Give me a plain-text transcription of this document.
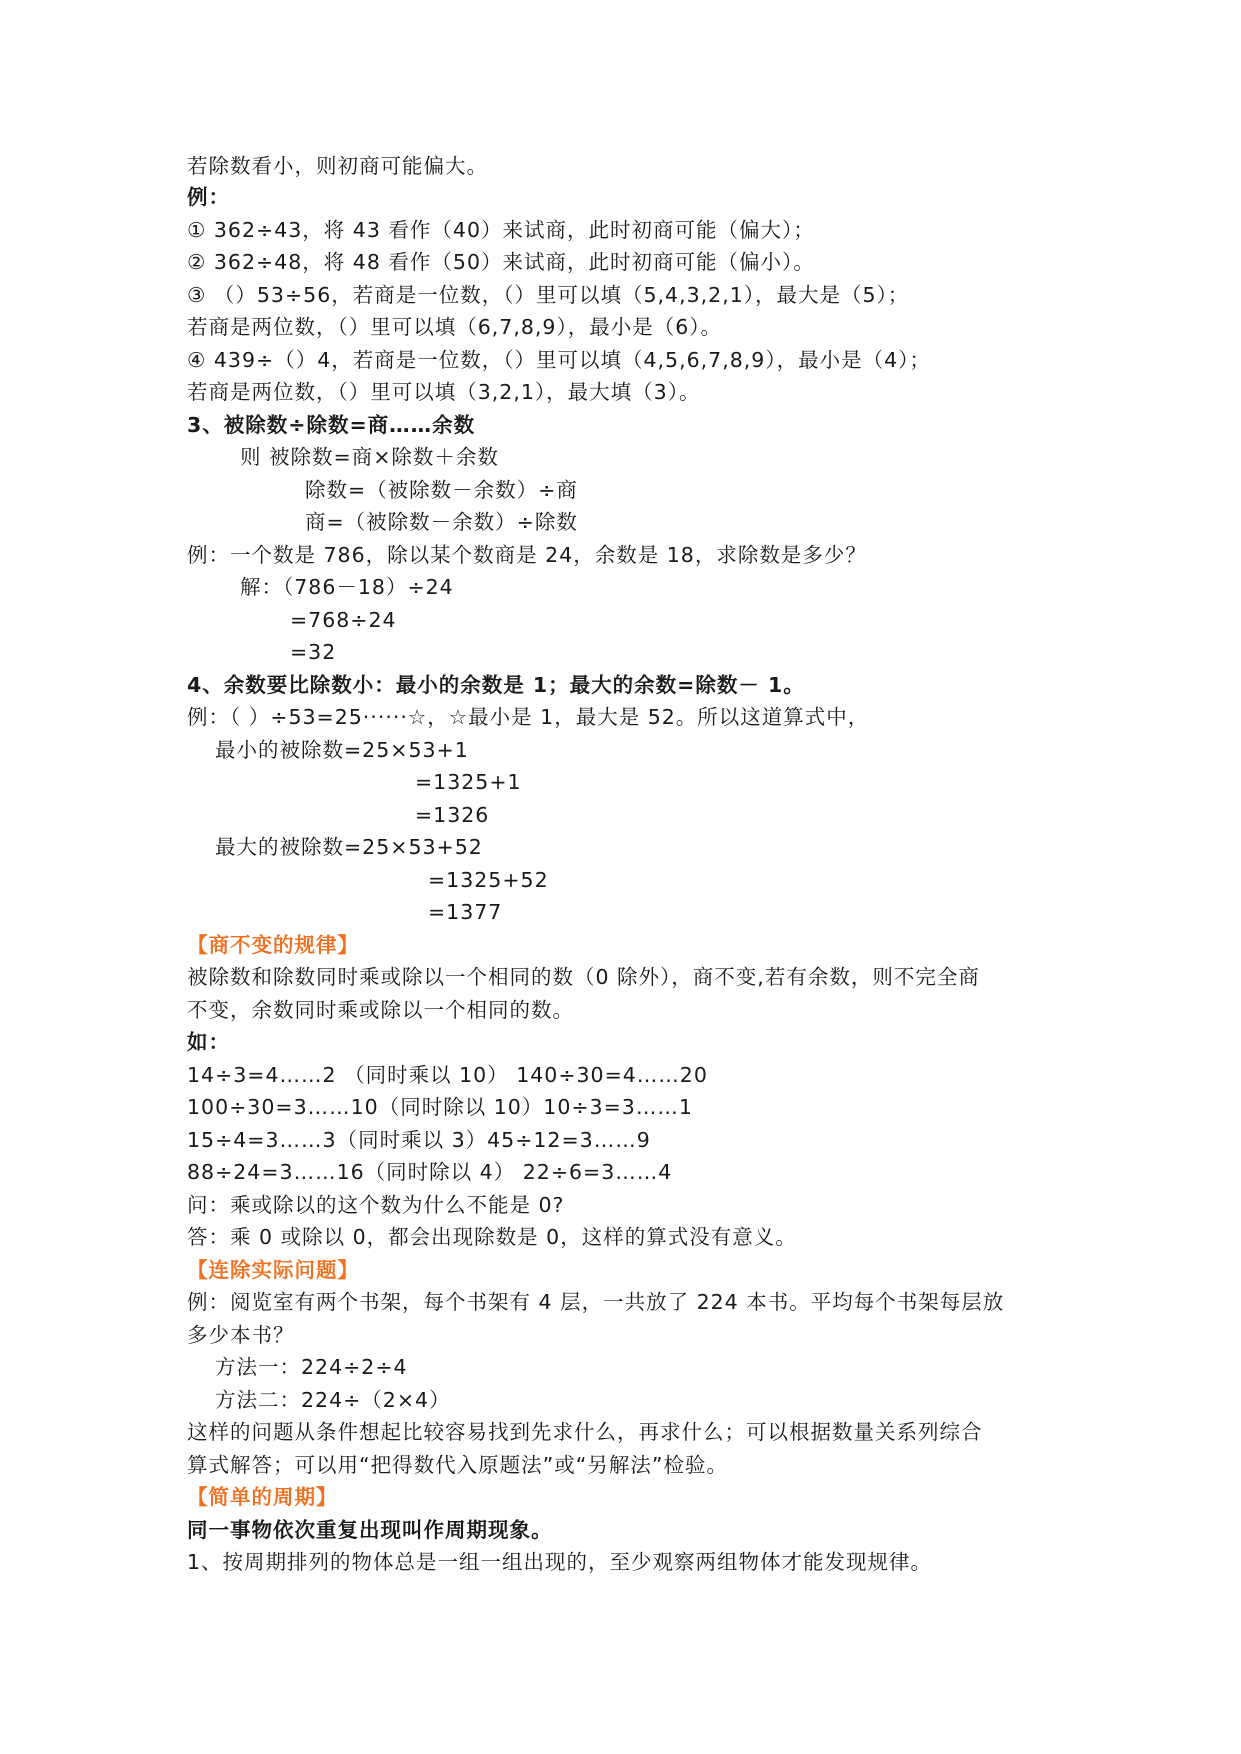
若除数看小，则初商可能偏大。
例：
① 362÷43，将 43 看作（40）来试商，此时初商可能（偏大）；
② 362÷48，将 48 看作（50）来试商，此时初商可能（偏小）。
③ （）53÷56，若商是一位数，（）里可以填（5,4,3,2,1），最大是（5）；
若商是两位数，（）里可以填（6,7,8,9），最小是（6）。
④ 439÷（）4，若商是一位数，（）里可以填（4,5,6,7,8,9），最小是（4）；
若商是两位数，（）里可以填（3,2,1），最大填（3）。
3、被除数÷除数=商……余数
则 被除数=商×除数＋余数
除数=（被除数－余数）÷商
商=（被除数－余数）÷除数
例：一个数是 786，除以某个数商是 24，余数是 18，求除数是多少？
解：（786－18）÷24
=768÷24
=32
4、余数要比除数小：最小的余数是 1；最大的余数=除数－ 1。
例：（ ）÷53=25······☆，☆最小是 1，最大是 52。所以这道算式中，
最小的被除数=25×53+1
=1325+1
=1326
最大的被除数=25×53+52
=1325+52
=1377
【商不变的规律】
被除数和除数同时乘或除以一个相同的数（0 除外），商不变,若有余数，则不完全商
不变，余数同时乘或除以一个相同的数。
如：
14÷3=4……2 （同时乘以 10） 140÷30=4……20
100÷30=3……10（同时除以 10）10÷3=3……1
15÷4=3……3（同时乘以 3）45÷12=3……9
88÷24=3……16（同时除以 4） 22÷6=3……4
问：乘或除以的这个数为什么不能是 0?
答：乘 0 或除以 0，都会出现除数是 0，这样的算式没有意义。
【连除实际问题】
例：阅览室有两个书架，每个书架有 4 层，一共放了 224 本书。平均每个书架每层放
多少本书？
方法一：224÷2÷4
方法二：224÷（2×4）
这样的问题从条件想起比较容易找到先求什么，再求什么；可以根据数量关系列综合
算式解答；可以用“把得数代入原题法”或“另解法”检验。
【简单的周期】
同一事物依次重复出现叫作周期现象。
1、按周期排列的物体总是一组一组出现的，至少观察两组物体才能发现规律。
